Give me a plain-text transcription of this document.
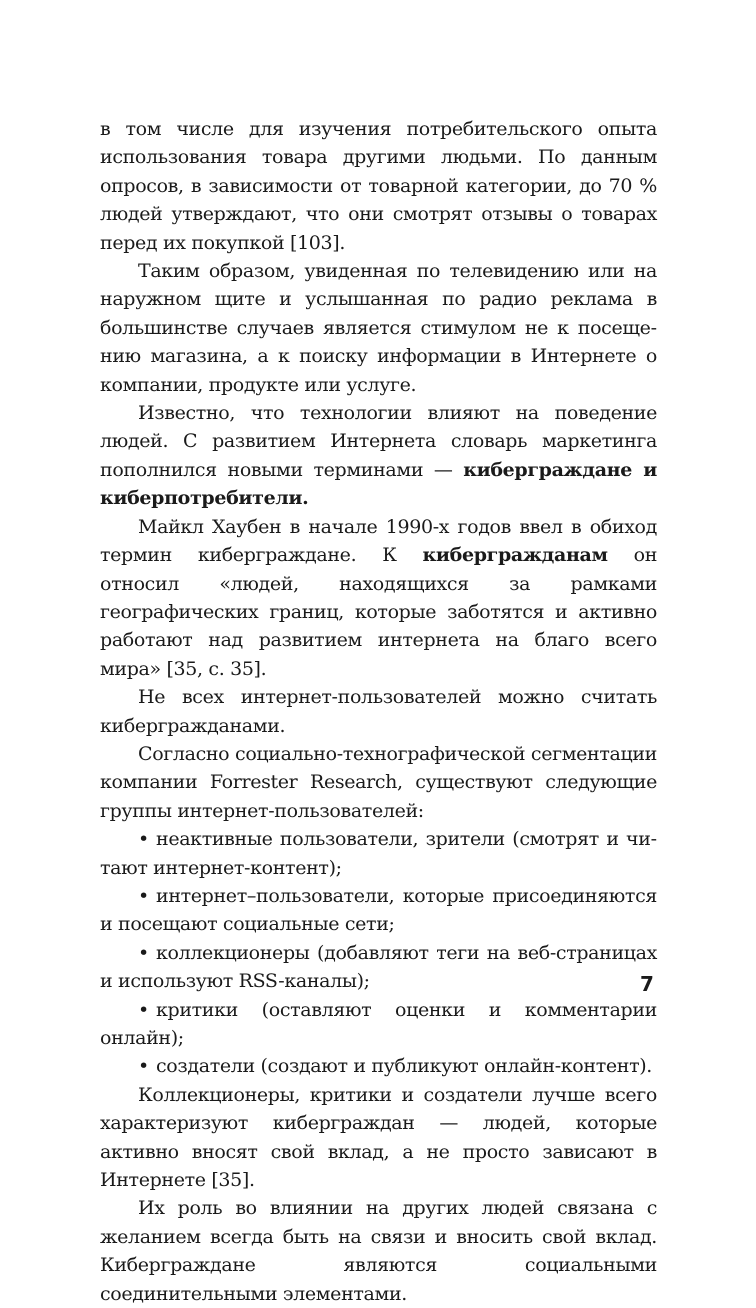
в том числе для изучения потребительского опыта использования товара другими людьми. По данным опросов, в зависимости от товарной категории, до 70 % людей утверждают, что они смотрят отзывы о товарах перед их покупкой [103].

Таким образом, увиденная по телевидению или на наружном щите и услышанная по радио реклама в большинстве случаев является стимулом не к посещению магазина, а к поиску информации в Интернете о компании, продукте или услуге.

Известно, что технологии влияют на поведение людей. С развитием Интернета словарь маркетинга пополнился новыми терминами — киберграждане и киберпотребители.

Майкл Хаубен в начале 1990-х годов ввел в обиход термин киберграждане. К кибергражданам он относил «людей, находящихся за рамками географических границ, которые заботятся и активно работают над развитием интернета на благо всего мира» [35, с. 35].

Не всех интернет-пользователей можно считать кибергражданами.

Согласно социально-технографической сегментации компании Forrester Research, существуют следующие группы интернет-пользователей:

• неактивные пользователи, зрители (смотрят и читают интернет-контент);

• интернет–пользователи, которые присоединяются и посещают социальные сети;

• коллекционеры (добавляют теги на веб-страницах и используют RSS-каналы);

• критики (оставляют оценки и комментарии онлайн);

• создатели (создают и публикуют онлайн-контент).

Коллекционеры, критики и создатели лучше всего характеризуют киберграждан — людей, которые активно вносят свой вклад, а не просто зависают в Интернете [35].

Их роль во влиянии на других людей связана с желанием всегда быть на связи и вносить свой вклад. Киберграждане являются социальными соединительными элементами.

7
